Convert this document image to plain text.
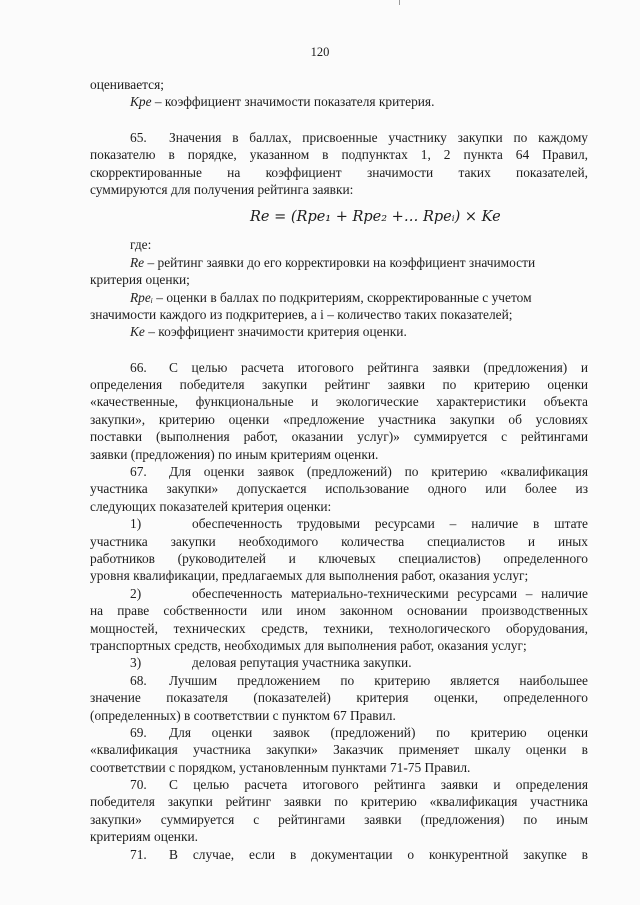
120
оценивается;
Кре – коэффициент значимости показателя критерия.
65. Значения в баллах, присвоенные участнику закупки по каждому
показателю в порядке, указанном в подпунктах 1, 2 пункта 64 Правил,
скорректированные на коэффициент значимости таких показателей,
суммируются для получения рейтинга заявки:
Re = (Rpe₁ + Rpe₂ +… Rpeᵢ) × Ke
где:
Re – рейтинг заявки до его корректировки на коэффициент значимости
критерия оценки;
Rpeᵢ – оценки в баллах по подкритериям, скорректированные с учетом
значимости каждого из подкритериев, а i – количество таких показателей;
Ke – коэффициент значимости критерия оценки.
66. С целью расчета итогового рейтинга заявки (предложения) и
определения победителя закупки рейтинг заявки по критерию оценки
«качественные, функциональные и экологические характеристики объекта
закупки», критерию оценки «предложение участника закупки об условиях
поставки (выполнения работ, оказании услуг)» суммируется с рейтингами
заявки (предложения) по иным критериям оценки.
67. Для оценки заявок (предложений) по критерию «квалификация
участника закупки» допускается использование одного или более из
следующих показателей критерия оценки:
1)	обеспеченность трудовыми ресурсами – наличие в штате
участника закупки необходимого количества специалистов и иных
работников (руководителей и ключевых специалистов) определенного
уровня квалификации, предлагаемых для выполнения работ, оказания услуг;
2)	обеспеченность материально-техническими ресурсами – наличие
на праве собственности или ином законном основании производственных
мощностей, технических средств, техники, технологического оборудования,
транспортных средств, необходимых для выполнения работ, оказания услуг;
3)	деловая репутация участника закупки.
68. Лучшим предложением по критерию является наибольшее
значение показателя (показателей) критерия оценки, определенного
(определенных) в соответствии с пунктом 67 Правил.
69. Для оценки заявок (предложений) по критерию оценки
«квалификация участника закупки» Заказчик применяет шкалу оценки в
соответствии с порядком, установленным пунктами 71-75 Правил.
70. С целью расчета итогового рейтинга заявки и определения
победителя закупки рейтинг заявки по критерию «квалификация участника
закупки» суммируется с рейтингами заявки (предложения) по иным
критериям оценки.
71. В случае, если в документации о конкурентной закупке в
